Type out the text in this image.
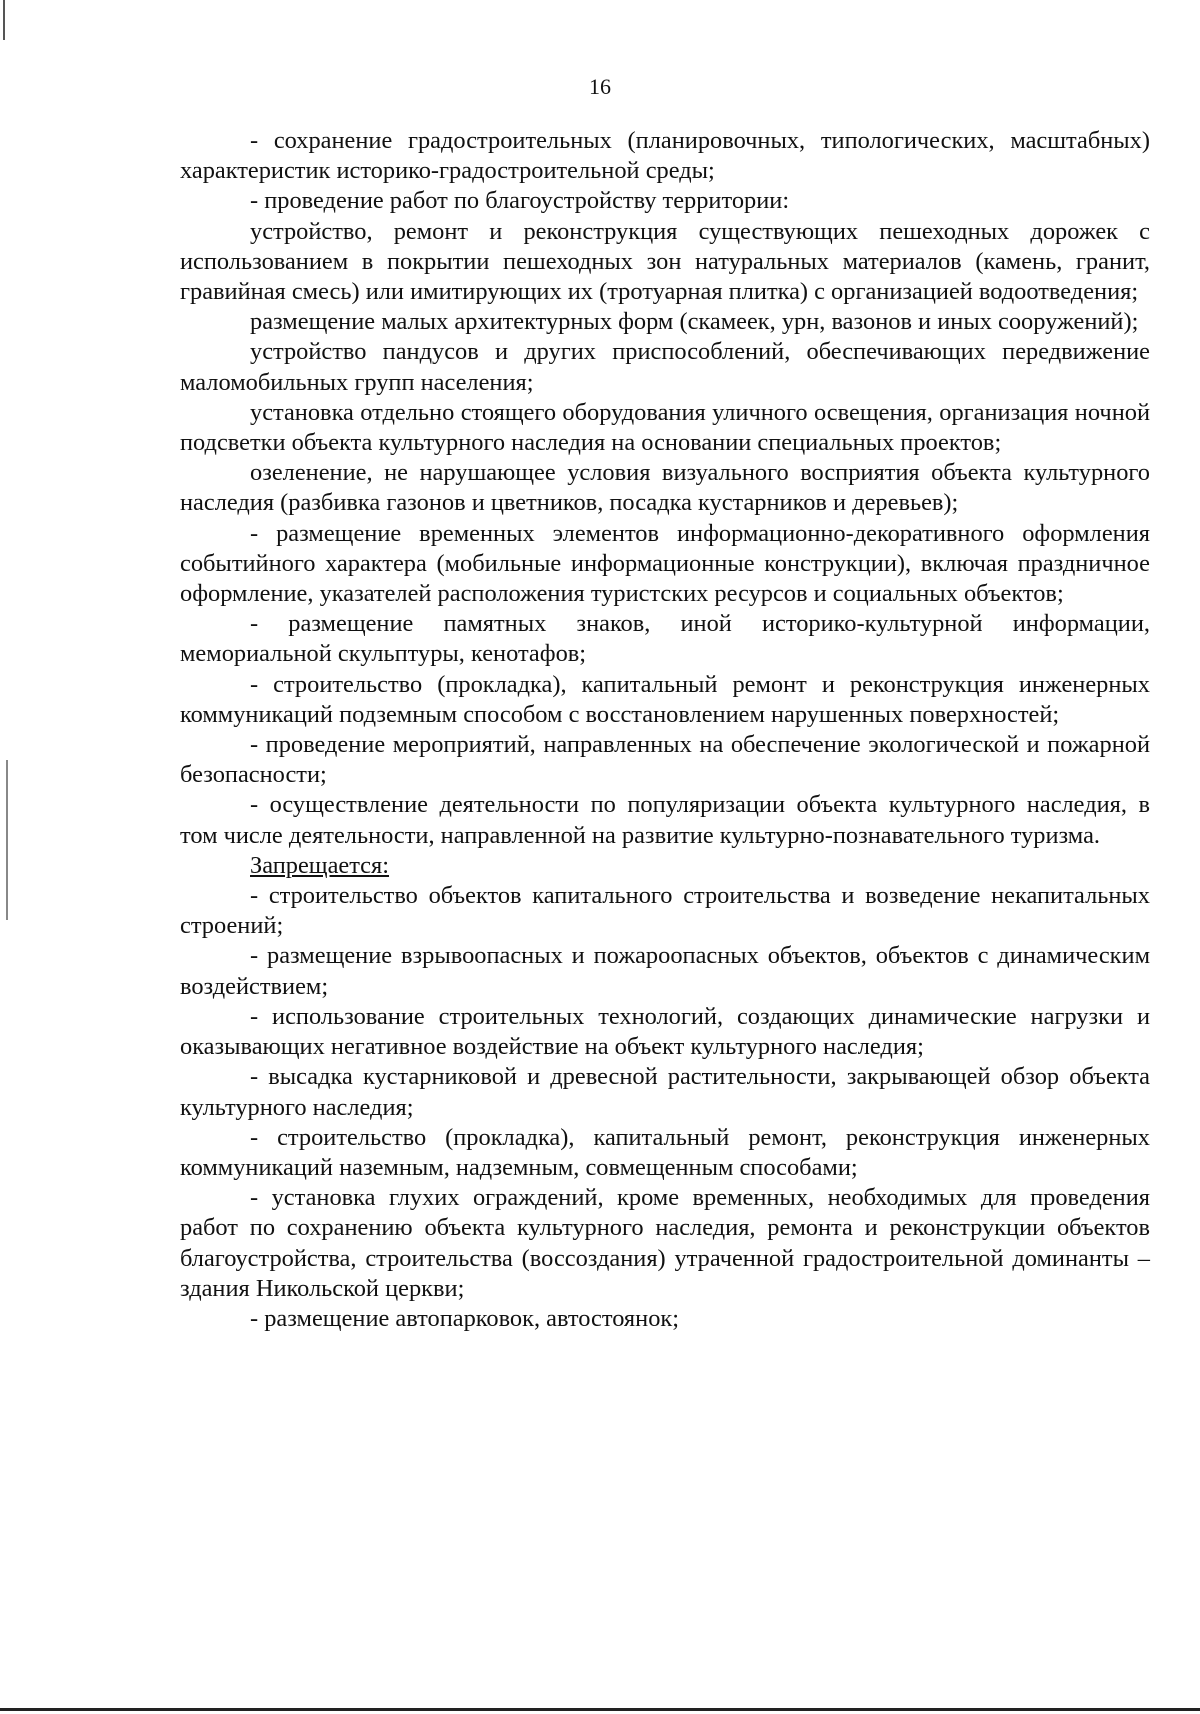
16

- сохранение градостроительных (планировочных, типологических, масштабных) характеристик историко-градостроительной среды;

- проведение работ по благоустройству территории:

устройство, ремонт и реконструкция существующих пешеходных дорожек с использованием в покрытии пешеходных зон натуральных материалов (камень, гранит, гравийная смесь) или имитирующих их (тротуарная плитка) с организацией водоотведения;

размещение малых архитектурных форм (скамеек, урн, вазонов и иных сооружений);

устройство пандусов и других приспособлений, обеспечивающих передвижение маломобильных групп населения;

установка отдельно стоящего оборудования уличного освещения, организация ночной подсветки объекта культурного наследия на основании специальных проектов;

озеленение, не нарушающее условия визуального восприятия объекта культурного наследия (разбивка газонов и цветников, посадка кустарников и деревьев);

- размещение временных элементов информационно-декоративного оформления событийного характера (мобильные информационные конструкции), включая праздничное оформление, указателей расположения туристских ресурсов и социальных объектов;

- размещение памятных знаков, иной историко-культурной информации, мемориальной скульптуры, кенотафов;

- строительство (прокладка), капитальный ремонт и реконструкция инженерных коммуникаций подземным способом с восстановлением нарушенных поверхностей;

- проведение мероприятий, направленных на обеспечение экологической и пожарной безопасности;

- осуществление деятельности по популяризации объекта культурного наследия, в том числе деятельности, направленной на развитие культурно-познавательного туризма.

Запрещается:

- строительство объектов капитального строительства и возведение некапитальных строений;

- размещение взрывоопасных и пожароопасных объектов, объектов с динамическим воздействием;

- использование строительных технологий, создающих динамические нагрузки и оказывающих негативное воздействие на объект культурного наследия;

- высадка кустарниковой и древесной растительности, закрывающей обзор объекта культурного наследия;

- строительство (прокладка), капитальный ремонт, реконструкция инженерных коммуникаций наземным, надземным, совмещенным способами;

- установка глухих ограждений, кроме временных, необходимых для проведения работ по сохранению объекта культурного наследия, ремонта и реконструкции объектов благоустройства, строительства (воссоздания) утраченной градостроительной доминанты – здания Никольской церкви;

- размещение автопарковок, автостоянок;
